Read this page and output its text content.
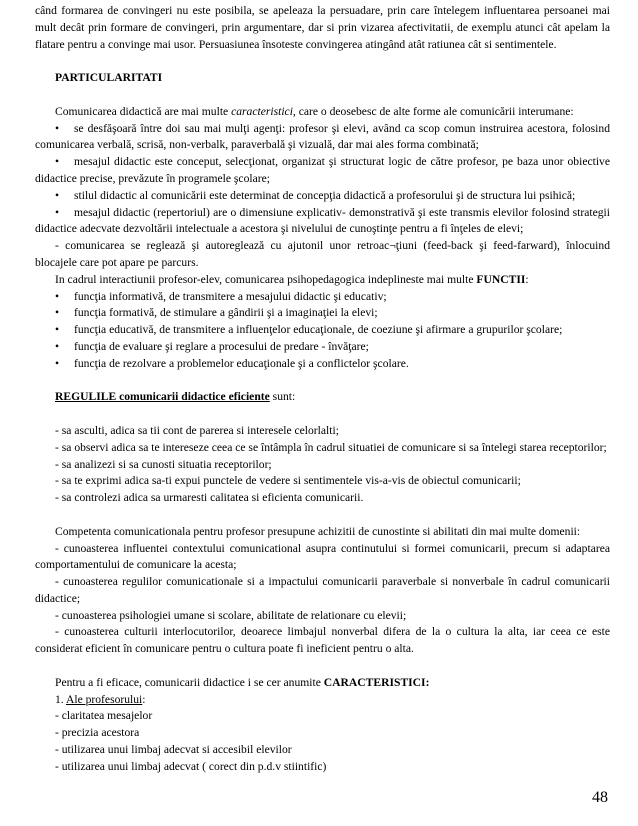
când formarea de convingeri nu este posibila, se apeleaza la persuadare, prin care întelegem influentarea persoanei mai mult decât prin formare de convingeri, prin argumentare, dar si prin vizarea afectivitatii, de exemplu atunci cât apelam la flatare pentru a convinge mai usor. Persuasiunea însoteste convingerea atingând atât ratiunea cât si sentimentele.

PARTICULARITATI

Comunicarea didactică are mai multe caracteristici, care o deosebesc de alte forme ale comunicării interumane:

• se desfăşoară între doi sau mai mulţi agenţi: profesor şi elevi, având ca scop comun instruirea acestora, folosind comunicarea verbală, scrisă, non-verbalk, paraverbală şi vizuală, dar mai ales forma combinată;
• mesajul didactic este conceput, selecţionat, organizat şi structurat logic de către profesor, pe baza unor obiective didactice precise, prevăzute în programele şcolare;
• stilul didactic al comunicării este determinat de concepţia didactică a profesorului şi de structura lui psihică;
• mesajul didactic (repertoriul) are o dimensiune explicativ- demonstrativă şi este transmis elevilor folosind strategii didactice adecvate dezvoltării intelectuale a acestora şi nivelului de cunoştinţe pentru a fi înţeles de elevi;

- comunicarea se reglează şi autoreglează cu ajutonil unor retroac¬ţiuni (feed-back şi feed-farward), înlocuind blocajele care pot apare pe parcurs.

In cadrul interactiunii profesor-elev, comunicarea psihopedagogica indeplineste mai multe FUNCTII:

• funcţia informativă, de transmitere a mesajului didactic şi educativ;
• funcţia formativă, de stimulare a gândirii şi a imaginaţiei la elevi;
• funcţia educativă, de transmitere a influenţelor educaţionale, de coeziune şi afirmare a grupurilor şcolare;
• funcţia de evaluare şi reglare a procesului de predare - învăţare;
• funcţia de rezolvare a problemelor educaţionale şi a conflictelor şcolare.

REGULILE comunicarii didactice eficiente sunt:

- sa asculti, adica sa tii cont de parerea si interesele celorlalti;

- sa observi adica sa te intereseze ceea ce se întâmpla în cadrul situatiei de comunicare si sa întelegi starea receptorilor;

- sa analizezi si sa cunosti situatia receptorilor;

- sa te exprimi adica sa-ti expui punctele de vedere si sentimentele vis-a-vis de obiectul comunicarii;

- sa controlezi adica sa urmaresti calitatea si eficienta comunicarii.

Competenta comunicationala pentru profesor presupune achizitii de cunostinte si abilitati din mai multe domenii:

- cunoasterea influentei contextului comunicational asupra continutului si formei comunicarii, precum si adaptarea comportamentului de comunicare la acesta;

- cunoasterea regulilor comunicationale si a impactului comunicarii paraverbale si nonverbale în cadrul comunicarii didactice;

- cunoasterea psihologiei umane si scolare, abilitate de relationare cu elevii;

- cunoasterea culturii interlocutorilor, deoarece limbajul nonverbal difera de la o cultura la alta, iar ceea ce este considerat eficient în comunicare pentru o cultura poate fi ineficient pentru o alta.

Pentru a fi eficace, comunicarii didactice i se cer anumite CARACTERISTICI:

1. Ale profesorului:

- claritatea mesajelor

- precizia acestora

- utilizarea unui limbaj adecvat si accesibil elevilor

- utilizarea unui limbaj adecvat ( corect din p.d.v stiintific)

48
